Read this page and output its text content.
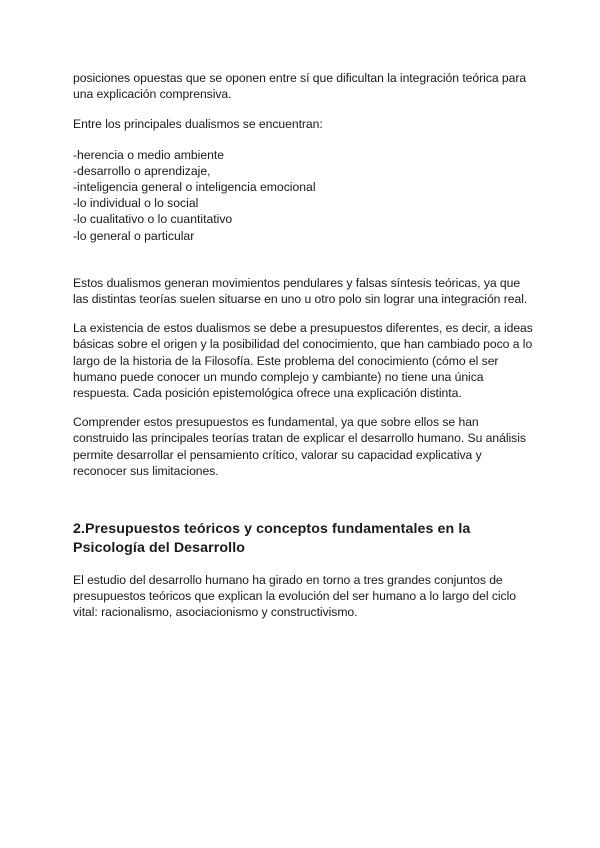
posiciones opuestas que se oponen entre sí que dificultan la integración teórica para una explicación comprensiva.

Entre los principales dualismos se encuentran:

-herencia o medio ambiente
-desarrollo o aprendizaje,
-inteligencia general o inteligencia emocional
-lo individual o lo social
-lo cualitativo o lo cuantitativo
-lo general o particular

Estos dualismos generan movimientos pendulares y falsas síntesis teóricas, ya que las distintas teorías suelen situarse en uno u otro polo sin lograr una integración real.

La existencia de estos dualismos se debe a presupuestos diferentes, es decir, a ideas básicas sobre el origen y la posibilidad del conocimiento, que han cambiado poco a lo largo de la historia de la Filosofía. Este problema del conocimiento (cómo el ser humano puede conocer un mundo complejo y cambiante) no tiene una única respuesta. Cada posición epistemológica ofrece una explicación distinta.

Comprender estos presupuestos es fundamental, ya que sobre ellos se han construido las principales teorías tratan de explicar el desarrollo humano. Su análisis permite desarrollar el pensamiento crítico, valorar su capacidad explicativa y reconocer sus limitaciones.

2.Presupuestos teóricos y conceptos fundamentales en la Psicología del Desarrollo

El estudio del desarrollo humano ha girado en torno a tres grandes conjuntos de presupuestos teóricos que explican la evolución del ser humano a lo largo del ciclo vital: racionalismo, asociacionismo y constructivismo.
